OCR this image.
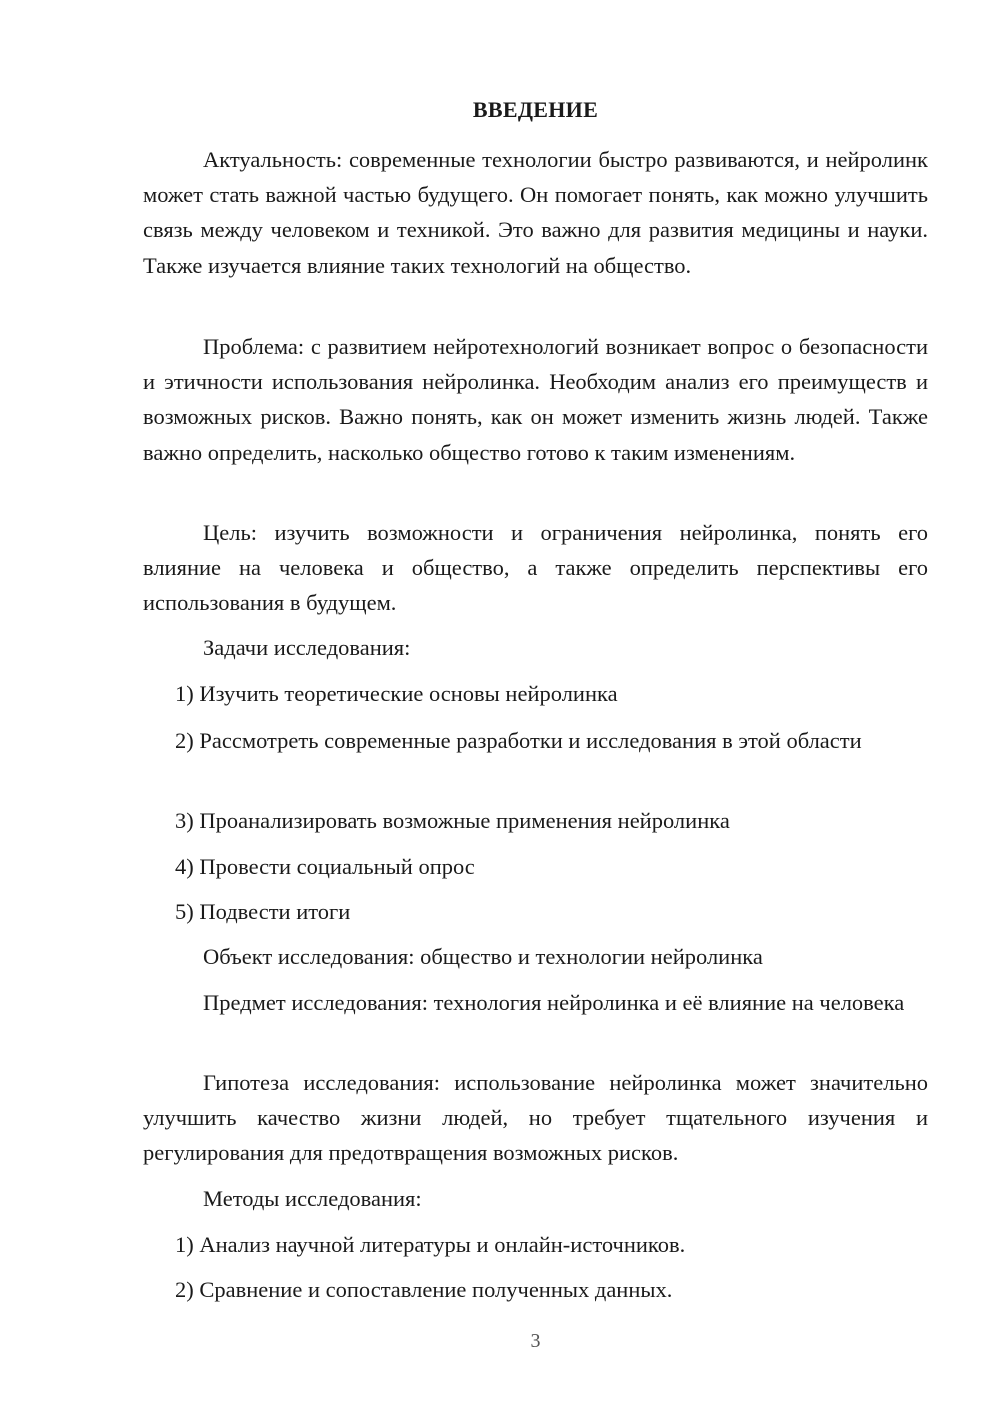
ВВЕДЕНИЕ

Актуальность: современные технологии быстро развиваются, и нейролинк может стать важной частью будущего. Он помогает понять, как можно улучшить связь между человеком и техникой. Это важно для развития медицины и науки. Также изучается влияние таких технологий на общество.

Проблема: с развитием нейротехнологий возникает вопрос о безопасности и этичности использования нейролинка. Необходим анализ его преимуществ и возможных рисков. Важно понять, как он может изменить жизнь людей. Также важно определить, насколько общество готово к таким изменениям.

Цель: изучить возможности и ограничения нейролинка, понять его влияние на человека и общество, а также определить перспективы его использования в будущем.

Задачи исследования:

1) Изучить теоретические основы нейролинка

2) Рассмотреть современные разработки и исследования в этой области

3) Проанализировать возможные применения нейролинка

4) Провести социальный опрос

5) Подвести итоги

Объект исследования: общество и технологии нейролинка

Предмет исследования: технология нейролинка и её влияние на человека

Гипотеза исследования: использование нейролинка может значительно улучшить качество жизни людей, но требует тщательного изучения и регулирования для предотвращения возможных рисков.

Методы исследования:

1) Анализ научной литературы и онлайн-источников.

2) Сравнение и сопоставление полученных данных.

3
